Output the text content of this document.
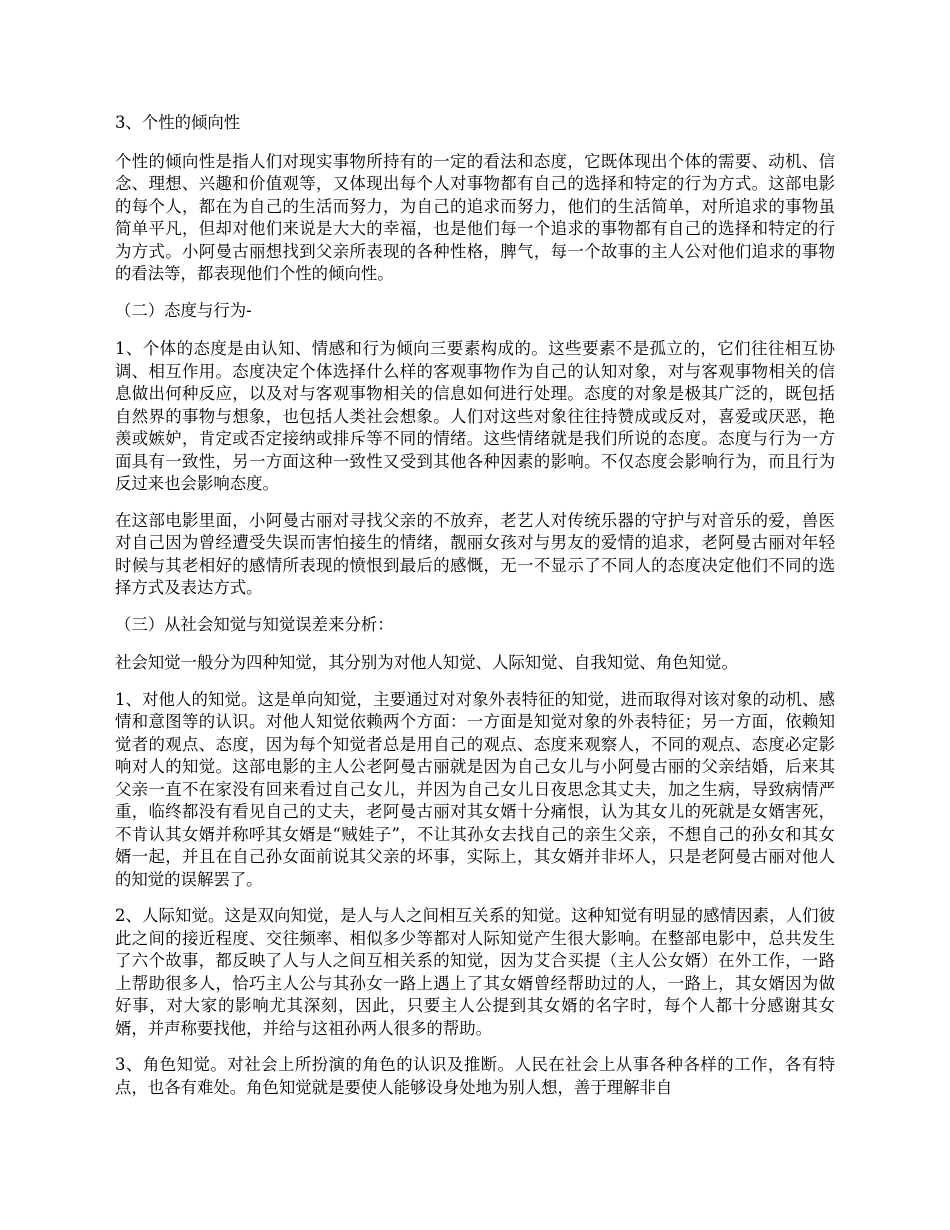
3、个性的倾向性

个性的倾向性是指人们对现实事物所持有的一定的看法和态度，它既体现出个体的需要、动机、信念、理想、兴趣和价值观等，又体现出每个人对事物都有自己的选择和特定的行为方式。这部电影的每个人，都在为自己的生活而努力，为自己的追求而努力，他们的生活简单，对所追求的事物虽简单平凡，但却对他们来说是大大的幸福，也是他们每一个追求的事物都有自己的选择和特定的行为方式。小阿曼古丽想找到父亲所表现的各种性格，脾气，每一个故事的主人公对他们追求的事物的看法等，都表现他们个性的倾向性。

（二）态度与行为-

1、个体的态度是由认知、情感和行为倾向三要素构成的。这些要素不是孤立的，它们往往相互协调、相互作用。态度决定个体选择什么样的客观事物作为自己的认知对象，对与客观事物相关的信息做出何种反应，以及对与客观事物相关的信息如何进行处理。态度的对象是极其广泛的，既包括自然界的事物与想象，也包括人类社会想象。人们对这些对象往往持赞成或反对，喜爱或厌恶，艳羡或嫉妒，肯定或否定接纳或排斥等不同的情绪。这些情绪就是我们所说的态度。态度与行为一方面具有一致性，另一方面这种一致性又受到其他各种因素的影响。不仅态度会影响行为，而且行为反过来也会影响态度。

在这部电影里面，小阿曼古丽对寻找父亲的不放弃，老艺人对传统乐器的守护与对音乐的爱，兽医对自己因为曾经遭受失误而害怕接生的情绪，靓丽女孩对与男友的爱情的追求，老阿曼古丽对年轻时候与其老相好的感情所表现的愤恨到最后的感慨，无一不显示了不同人的态度决定他们不同的选择方式及表达方式。

（三）从社会知觉与知觉误差来分析：

社会知觉一般分为四种知觉，其分别为对他人知觉、人际知觉、自我知觉、角色知觉。

1、对他人的知觉。这是单向知觉，主要通过对对象外表特征的知觉，进而取得对该对象的动机、感情和意图等的认识。对他人知觉依赖两个方面：一方面是知觉对象的外表特征；另一方面，依赖知觉者的观点、态度，因为每个知觉者总是用自己的观点、态度来观察人，不同的观点、态度必定影响对人的知觉。这部电影的主人公老阿曼古丽就是因为自己女儿与小阿曼古丽的父亲结婚，后来其父亲一直不在家没有回来看过自己女儿，并因为自己女儿日夜思念其丈夫，加之生病，导致病情严重，临终都没有看见自己的丈夫，老阿曼古丽对其女婿十分痛恨，认为其女儿的死就是女婿害死，不肯认其女婿并称呼其女婿是“贼娃子”，不让其孙女去找自己的亲生父亲，不想自己的孙女和其女婿一起，并且在自己孙女面前说其父亲的坏事，实际上，其女婿并非坏人，只是老阿曼古丽对他人的知觉的误解罢了。

2、人际知觉。这是双向知觉，是人与人之间相互关系的知觉。这种知觉有明显的感情因素，人们彼此之间的接近程度、交往频率、相似多少等都对人际知觉产生很大影响。在整部电影中，总共发生了六个故事，都反映了人与人之间互相关系的知觉，因为艾合买提（主人公女婿）在外工作，一路上帮助很多人，恰巧主人公与其孙女一路上遇上了其女婿曾经帮助过的人，一路上，其女婿因为做好事，对大家的影响尤其深刻，因此，只要主人公提到其女婿的名字时，每个人都十分感谢其女婿，并声称要找他，并给与这祖孙两人很多的帮助。

3、角色知觉。对社会上所扮演的角色的认识及推断。人民在社会上从事各种各样的工作，各有特点，也各有难处。角色知觉就是要使人能够设身处地为别人想，善于理解非自
